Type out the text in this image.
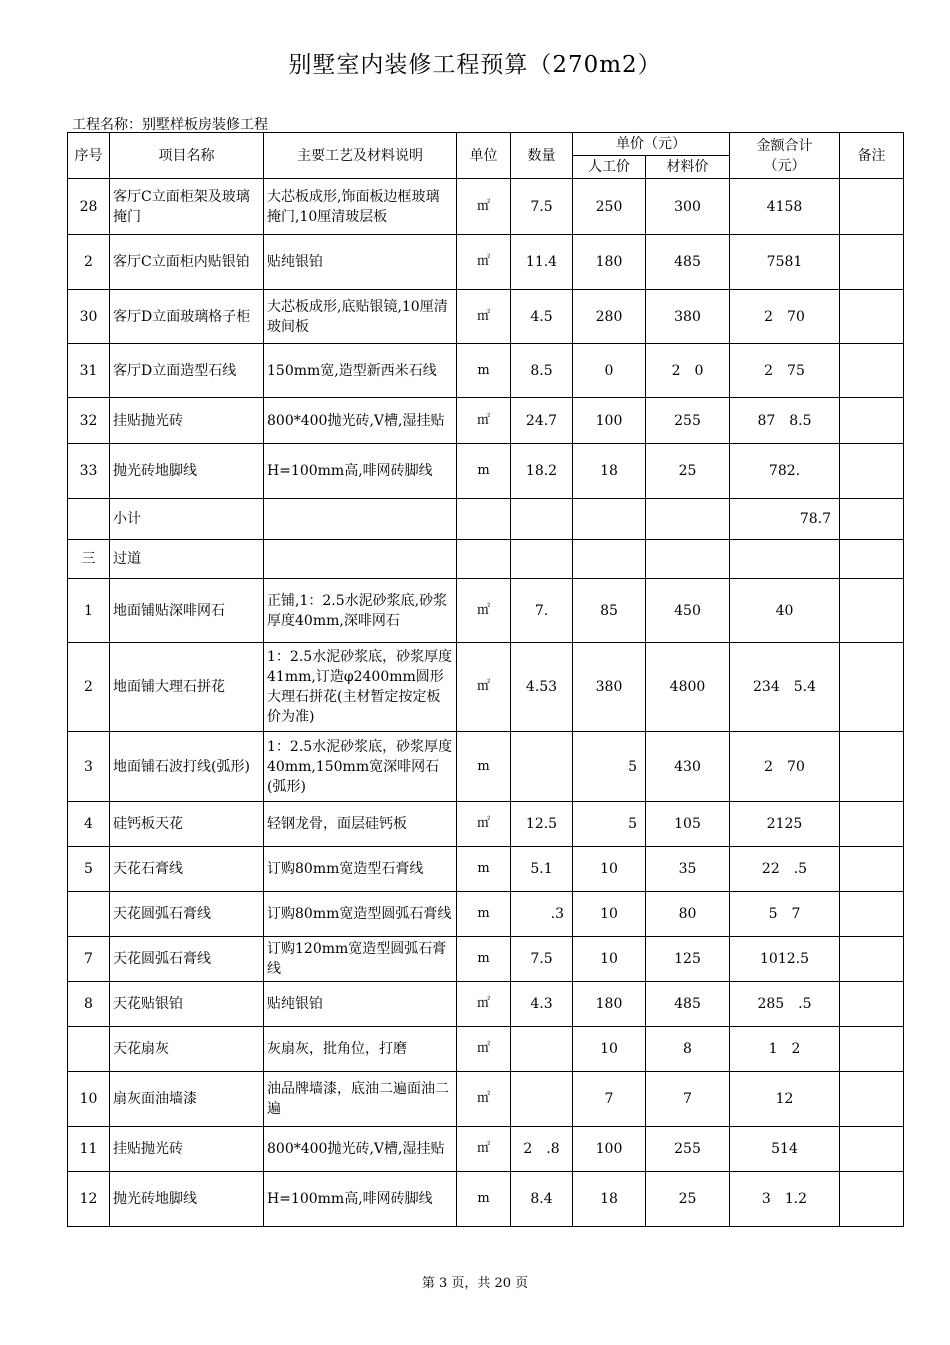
别墅室内装修工程预算（270m2）
工程名称：别墅样板房装修工程
序号	项目名称	主要工艺及材料说明	单位	数量	单价（元）		金额合计（元）	备注
					人工价	材料价		
28	客厅C立面柜架及玻璃掩门	大芯板成形,饰面板边框玻璃掩门,10厘清玻层板	㎡	7.5	250	300	4158	
2	客厅C立面柜内贴银铂	贴纯银铂	㎡	11.4	180	485	7581	
30	客厅D立面玻璃格子柜	大芯板成形,底贴银镜,10厘清玻间板	㎡	4.5	280	380	2　70	
31	客厅D立面造型石线	150mm宽,造型新西米石线	m	8.5	0	2　0	2　75	
32	挂贴抛光砖	800*400抛光砖,V槽,湿挂贴	㎡	24.7	100	255	87　8.5	
33	抛光砖地脚线	H=100mm高,啡网砖脚线	m	18.2	18	25	782.	
	小计						78.7	
三	过道							
1	地面铺贴深啡网石	正铺,1：2.5水泥砂浆底,砂浆厚度40mm,深啡网石	㎡	7.	85	450	40	
2	地面铺大理石拼花	1：2.5水泥砂浆底，砂浆厚度41mm,订造φ2400mm圆形大理石拼花(主材暂定按定板价为准)	㎡	4.53	380	4800	234　5.4	
3	地面铺石波打线(弧形)	1：2.5水泥砂浆底，砂浆厚度40mm,150mm宽深啡网石(弧形)	m		5	430	2　70	
4	硅钙板天花	轻钢龙骨，面层硅钙板	㎡	12.5	5	105	2125	
5	天花石膏线	订购80mm宽造型石膏线	m	5.1	10	35	22　.5	
	天花圆弧石膏线	订购80mm宽造型圆弧石膏线	m	.3	10	80	5　7	
7	天花圆弧石膏线	订购120mm宽造型圆弧石膏线	m	7.5	10	125	1012.5	
8	天花贴银铂	贴纯银铂	㎡	4.3	180	485	285　.5	
	天花扇灰	灰扇灰，批角位，打磨	㎡		10	8	1　2	
10	扇灰面油墙漆	油品牌墙漆，底油二遍面油二遍	㎡		7	7	12	
11	挂贴抛光砖	800*400抛光砖,V槽,湿挂贴	㎡	2　.8	100	255	514	
12	抛光砖地脚线	H=100mm高,啡网砖脚线	m	8.4	18	25	3　1.2	
第 3 页，共 20 页
